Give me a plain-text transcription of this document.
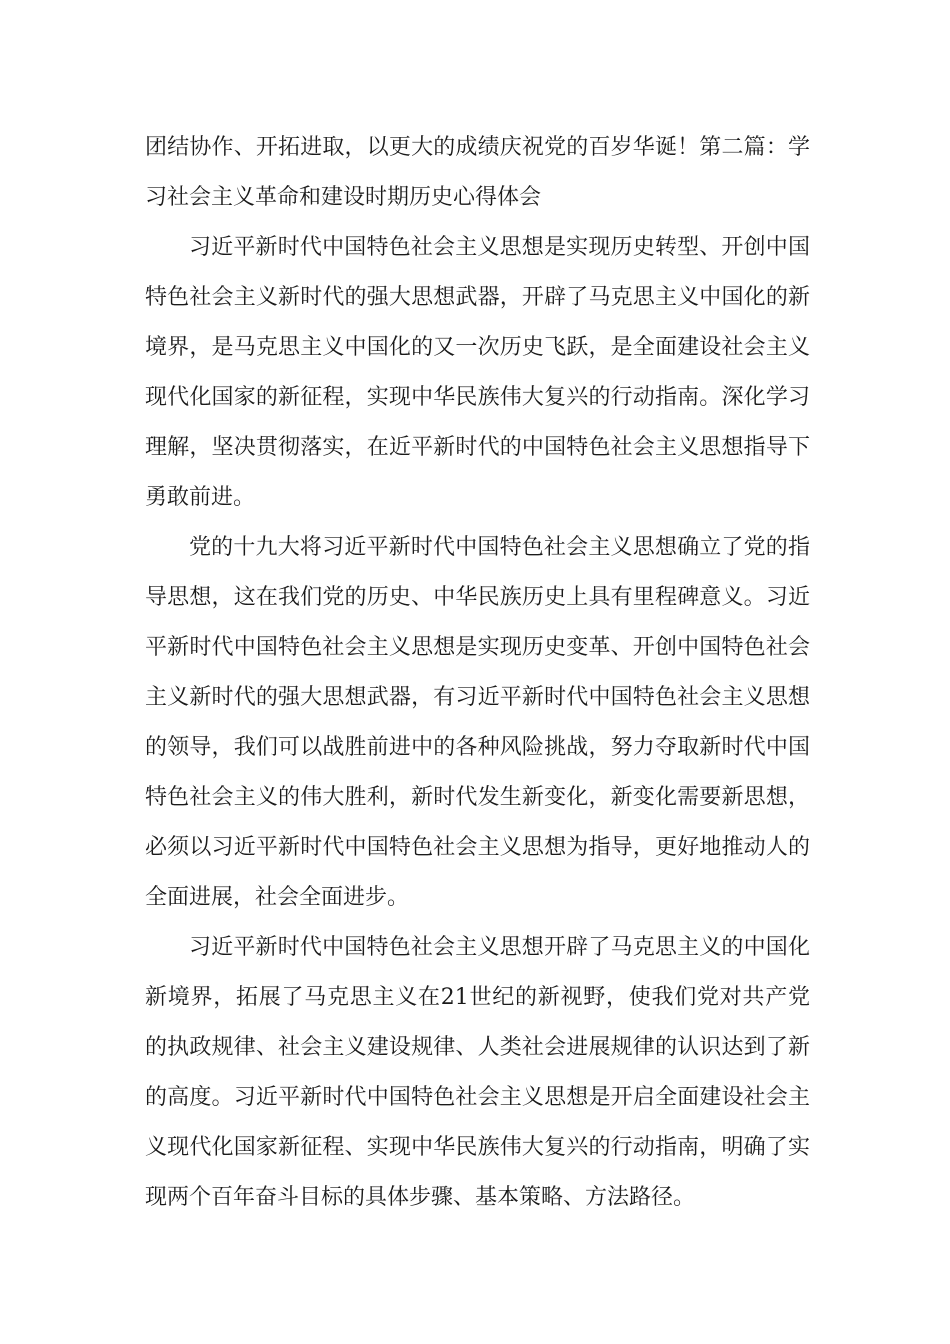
团结协作、开拓进取，以更大的成绩庆祝党的百岁华诞！第二篇：学习社会主义革命和建设时期历史心得体会

习近平新时代中国特色社会主义思想是实现历史转型、开创中国特色社会主义新时代的强大思想武器，开辟了马克思主义中国化的新境界，是马克思主义中国化的又一次历史飞跃，是全面建设社会主义现代化国家的新征程，实现中华民族伟大复兴的行动指南。深化学习理解，坚决贯彻落实，在近平新时代的中国特色社会主义思想指导下勇敢前进。

党的十九大将习近平新时代中国特色社会主义思想确立了党的指导思想，这在我们党的历史、中华民族历史上具有里程碑意义。习近平新时代中国特色社会主义思想是实现历史变革、开创中国特色社会主义新时代的强大思想武器，有习近平新时代中国特色社会主义思想的领导，我们可以战胜前进中的各种风险挑战，努力夺取新时代中国特色社会主义的伟大胜利，新时代发生新变化，新变化需要新思想，必须以习近平新时代中国特色社会主义思想为指导，更好地推动人的全面进展，社会全面进步。

习近平新时代中国特色社会主义思想开辟了马克思主义的中国化新境界，拓展了马克思主义在21世纪的新视野，使我们党对共产党的执政规律、社会主义建设规律、人类社会进展规律的认识达到了新的高度。习近平新时代中国特色社会主义思想是开启全面建设社会主义现代化国家新征程、实现中华民族伟大复兴的行动指南，明确了实现两个百年奋斗目标的具体步骤、基本策略、方法路径。
